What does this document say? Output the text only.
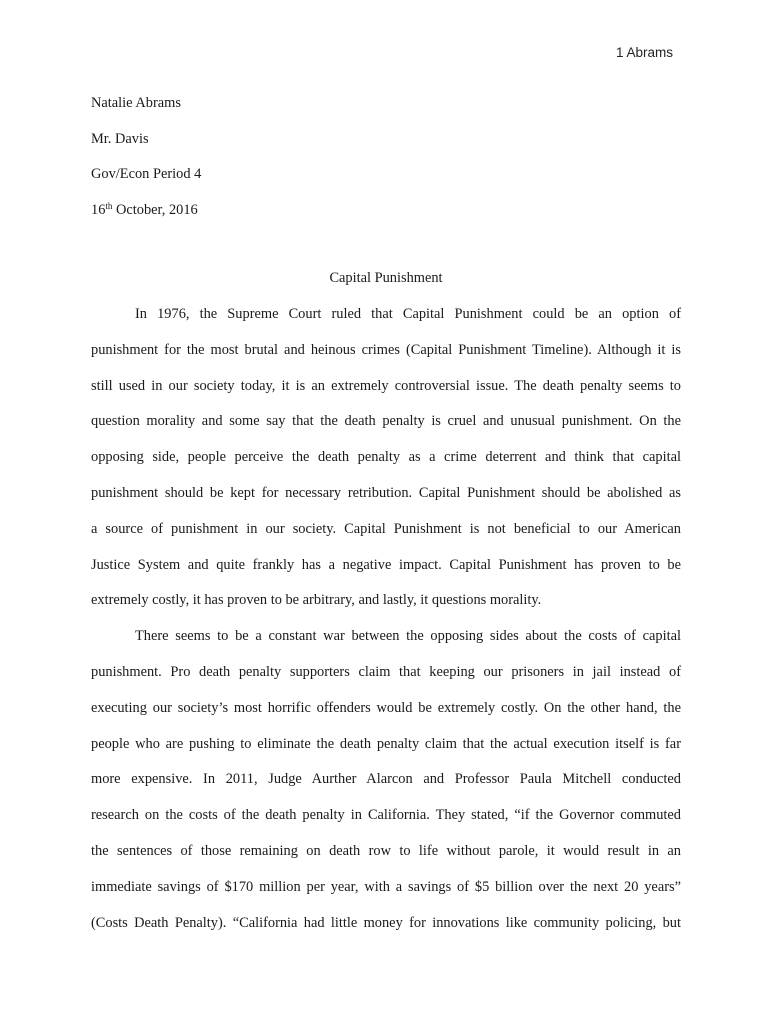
1 Abrams
Natalie Abrams
Mr. Davis
Gov/Econ Period 4
16th October, 2016
Capital Punishment
In 1976, the Supreme Court ruled that Capital Punishment could be an option of
punishment for the most brutal and heinous crimes (Capital Punishment Timeline). Although it is
still used in our society today, it is an extremely controversial issue. The death penalty seems to
question morality and some say that the death penalty is cruel and unusual punishment. On the
opposing side, people perceive the death penalty as a crime deterrent and think that capital
punishment should be kept for necessary retribution. Capital Punishment should be abolished as
a source of punishment in our society. Capital Punishment is not beneficial to our American
Justice System and quite frankly has a negative impact. Capital Punishment has proven to be
extremely costly, it has proven to be arbitrary, and lastly, it questions morality.
There seems to be a constant war between the opposing sides about the costs of capital
punishment. Pro death penalty supporters claim that keeping our prisoners in jail instead of
executing our society’s most horrific offenders would be extremely costly. On the other hand, the
people who are pushing to eliminate the death penalty claim that the actual execution itself is far
more expensive. In 2011, Judge Aurther Alarcon and Professor Paula Mitchell conducted
research on the costs of the death penalty in California. They stated, “if the Governor commuted
the sentences of those remaining on death row to life without parole, it would result in an
immediate savings of $170 million per year, with a savings of $5 billion over the next 20 years”
(Costs Death Penalty). “California had little money for innovations like community policing, but
